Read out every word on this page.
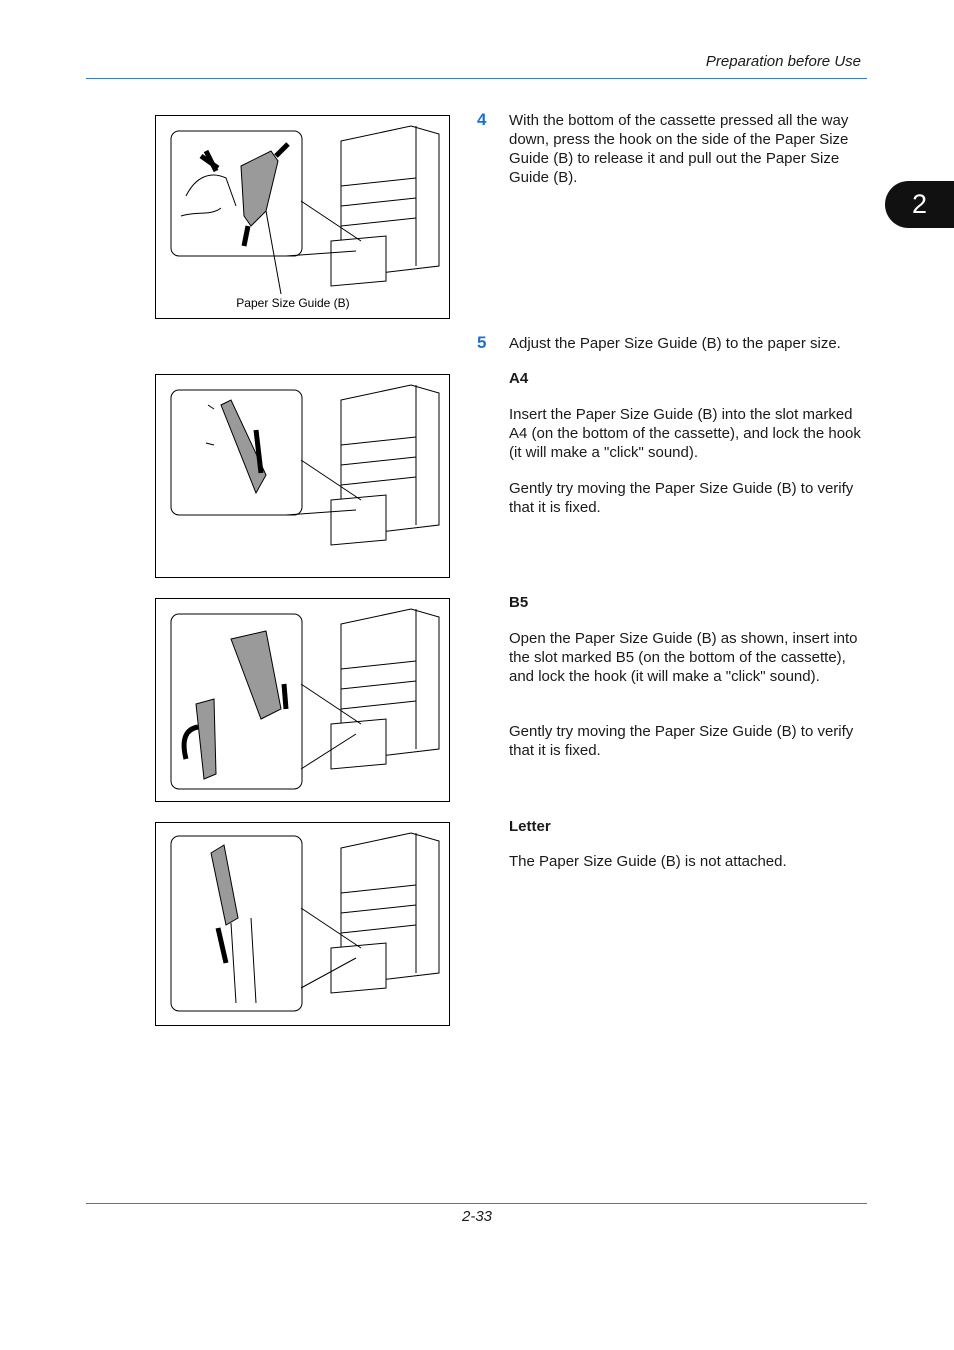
Preparation before Use
2
Paper Size Guide (B)
4 With the bottom of the cassette pressed all the way down, press the hook on the side of the Paper Size Guide (B) to release it and pull out the Paper Size Guide (B).

5 Adjust the Paper Size Guide (B) to the paper size.

A4

Insert the Paper Size Guide (B) into the slot marked A4 (on the bottom of the cassette), and lock the hook (it will make a "click" sound).

Gently try moving the Paper Size Guide (B) to verify that it is fixed.

B5

Open the Paper Size Guide (B) as shown, insert into the slot marked B5 (on the bottom of the cassette), and lock the hook (it will make a "click" sound).

Gently try moving the Paper Size Guide (B) to verify that it is fixed.

Letter

The Paper Size Guide (B) is not attached.

2-33
